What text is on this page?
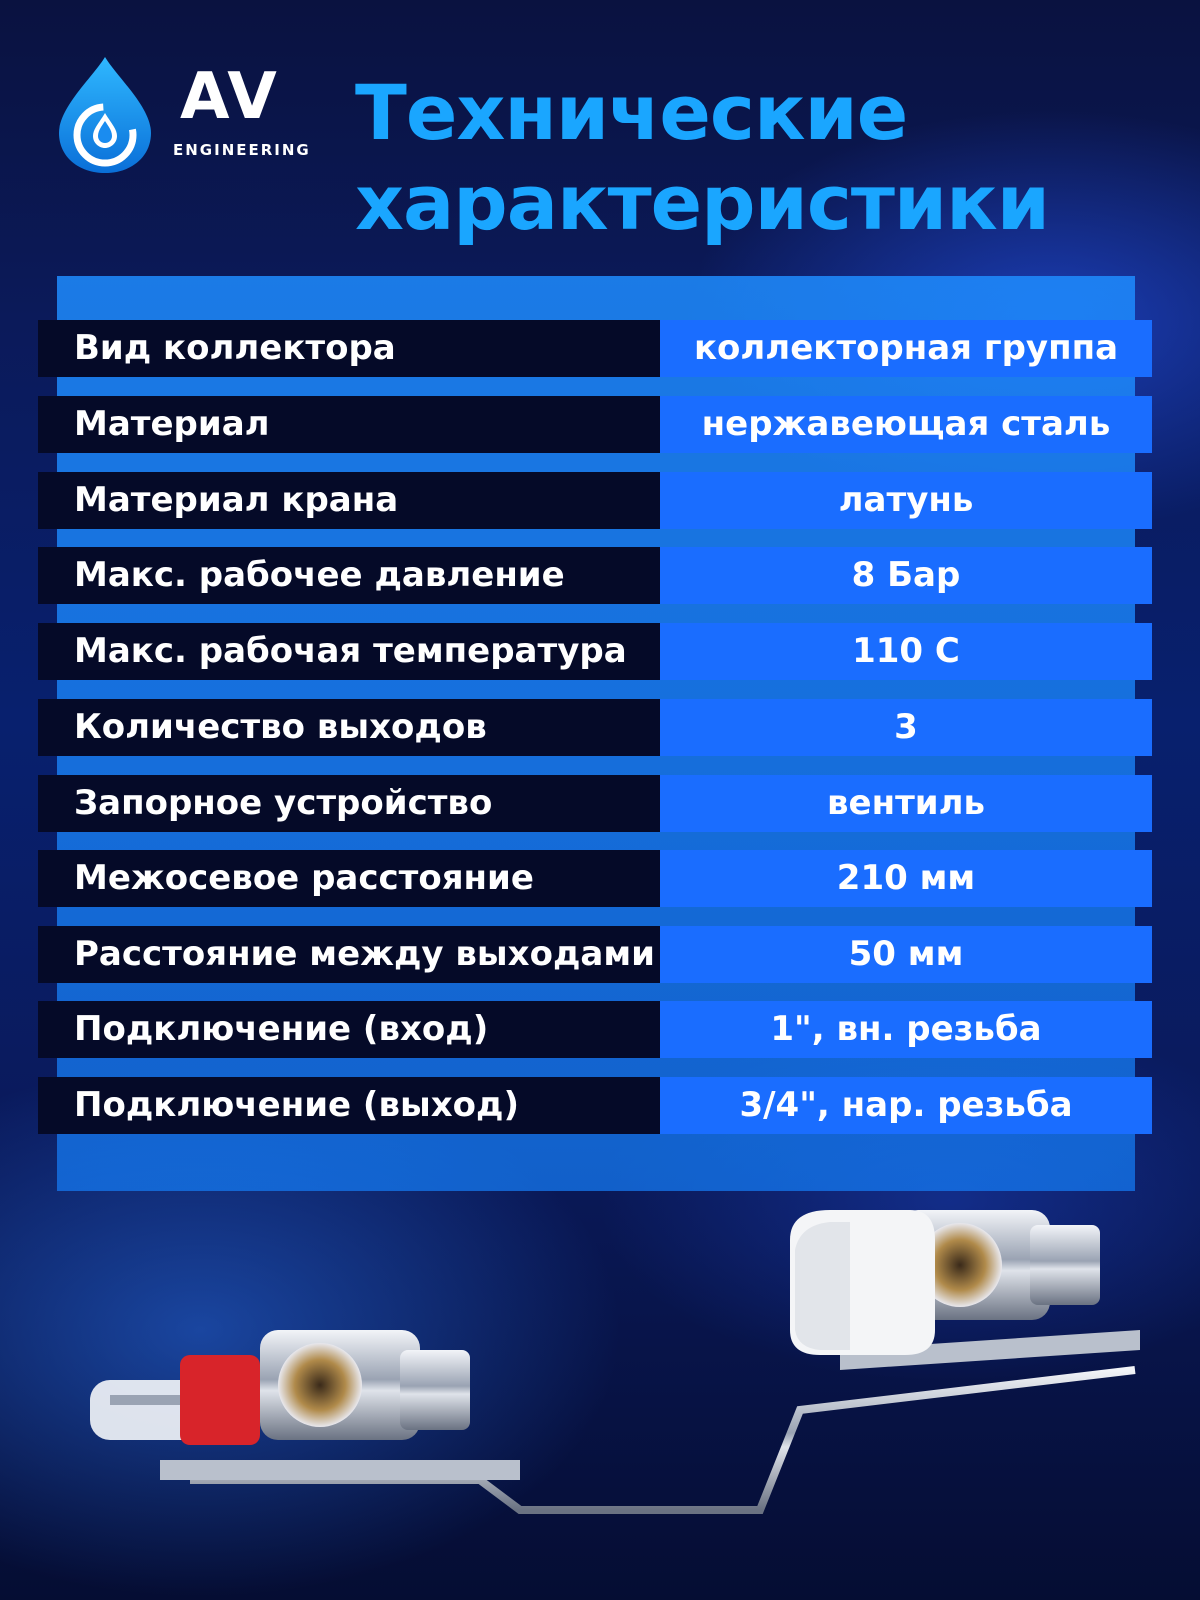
AV
ENGINEERING Технические
характеристики
Вид коллектора	коллекторная группа
Материал	нержавеющая сталь
Материал крана	латунь
Макс. рабочее давление	8 Бар
Макс. рабочая температура	110 С
Количество выходов	3
Запорное устройство	вентиль
Межосевое расстояние	210 мм
Расстояние между выходами	50 мм
Подключение (вход)	1", вн. резьба
Подключение (выход)	3/4", нар. резьба
